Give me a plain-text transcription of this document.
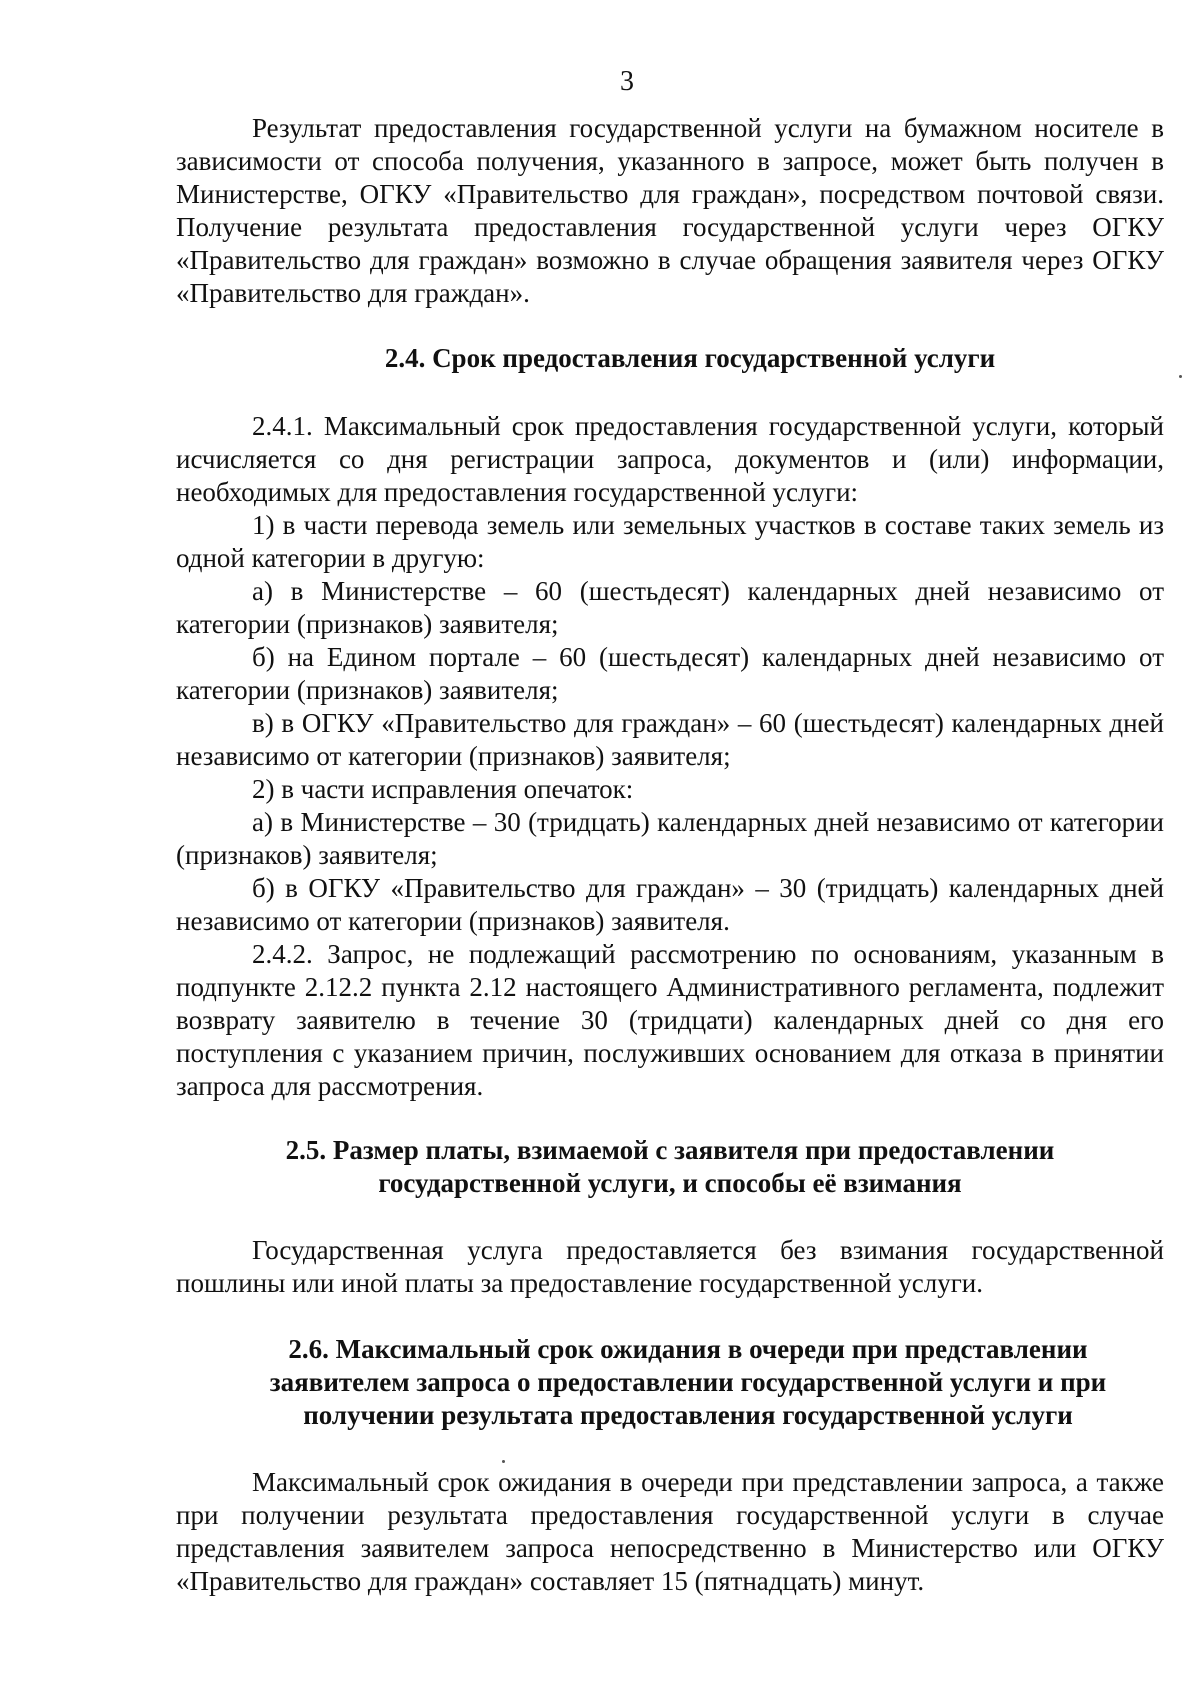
3

Результат предоставления государственной услуги на бумажном носителе в зависимости от способа получения, указанного в запросе, может быть получен в Министерстве, ОГКУ «Правительство для граждан», посредством почтовой связи. Получение результата предоставления государственной услуги через ОГКУ «Правительство для граждан» возможно в случае обращения заявителя через ОГКУ «Правительство для граждан».

2.4. Срок предоставления государственной услуги

2.4.1. Максимальный срок предоставления государственной услуги, который исчисляется со дня регистрации запроса, документов и (или) информации, необходимых для предоставления государственной услуги:

1) в части перевода земель или земельных участков в составе таких земель из одной категории в другую:

а) в Министерстве – 60 (шестьдесят) календарных дней независимо от категории (признаков) заявителя;

б) на Едином портале – 60 (шестьдесят) календарных дней независимо от категории (признаков) заявителя;

в) в ОГКУ «Правительство для граждан» – 60 (шестьдесят) календарных дней независимо от категории (признаков) заявителя;

2) в части исправления опечаток:

а) в Министерстве – 30 (тридцать) календарных дней независимо от категории (признаков) заявителя;

б) в ОГКУ «Правительство для граждан» – 30 (тридцать) календарных дней независимо от категории (признаков) заявителя.

2.4.2. Запрос, не подлежащий рассмотрению по основаниям, указанным в подпункте 2.12.2 пункта 2.12 настоящего Административного регламента, подлежит возврату заявителю в течение 30 (тридцати) календарных дней со дня его поступления с указанием причин, послуживших основанием для отказа в принятии запроса для рассмотрения.

2.5. Размер платы, взимаемой с заявителя при предоставлении
государственной услуги, и способы её взимания

Государственная услуга предоставляется без взимания государственной пошлины или иной платы за предоставление государственной услуги.

2.6. Максимальный срок ожидания в очереди при представлении
заявителем запроса о предоставлении государственной услуги и при
получении результата предоставления государственной услуги

Максимальный срок ожидания в очереди при представлении запроса, а также при получении результата предоставления государственной услуги в случае представления заявителем запроса непосредственно в Министерство или ОГКУ «Правительство для граждан» составляет 15 (пятнадцать) минут.
